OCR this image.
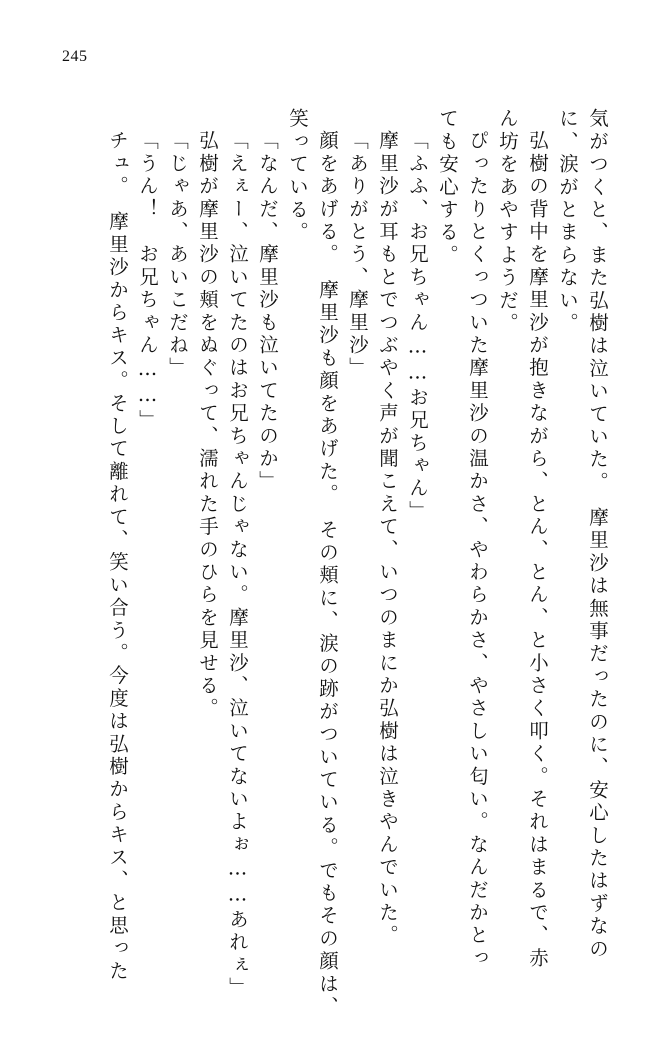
245
気がつくと、また弘樹は泣いていた。　摩里沙は無事だったのに、安心したはずなの
に、涙がとまらない。
弘樹の背中を摩里沙が抱きながら、とん、とん、と小さく叩く。それはまるで、赤
ん坊をあやすようだ。
ぴったりとくっついた摩里沙の温かさ、やわらかさ、やさしい匂い。なんだかとっ
ても安心する。
「ふふ、お兄ちゃん……お兄ちゃん」
摩里沙が耳もとでつぶやく声が聞こえて、いつのまにか弘樹は泣きやんでいた。
「ありがとう、摩里沙」
顔をあげる。　摩里沙も顔をあげた。　その頬に、涙の跡がついている。でもその顔は、
笑っている。
「なんだ、摩里沙も泣いてたのか」
「えぇー、泣いてたのはお兄ちゃんじゃない。摩里沙、泣いてないよぉ……あれぇ」
弘樹が摩里沙の頬をぬぐって、濡れた手のひらを見せる。
「じゃあ、あいこだね」
「うん！　お兄ちゃん……」
チュ。　摩里沙からキス。そして離れて、笑い合う。今度は弘樹からキス、と思った
